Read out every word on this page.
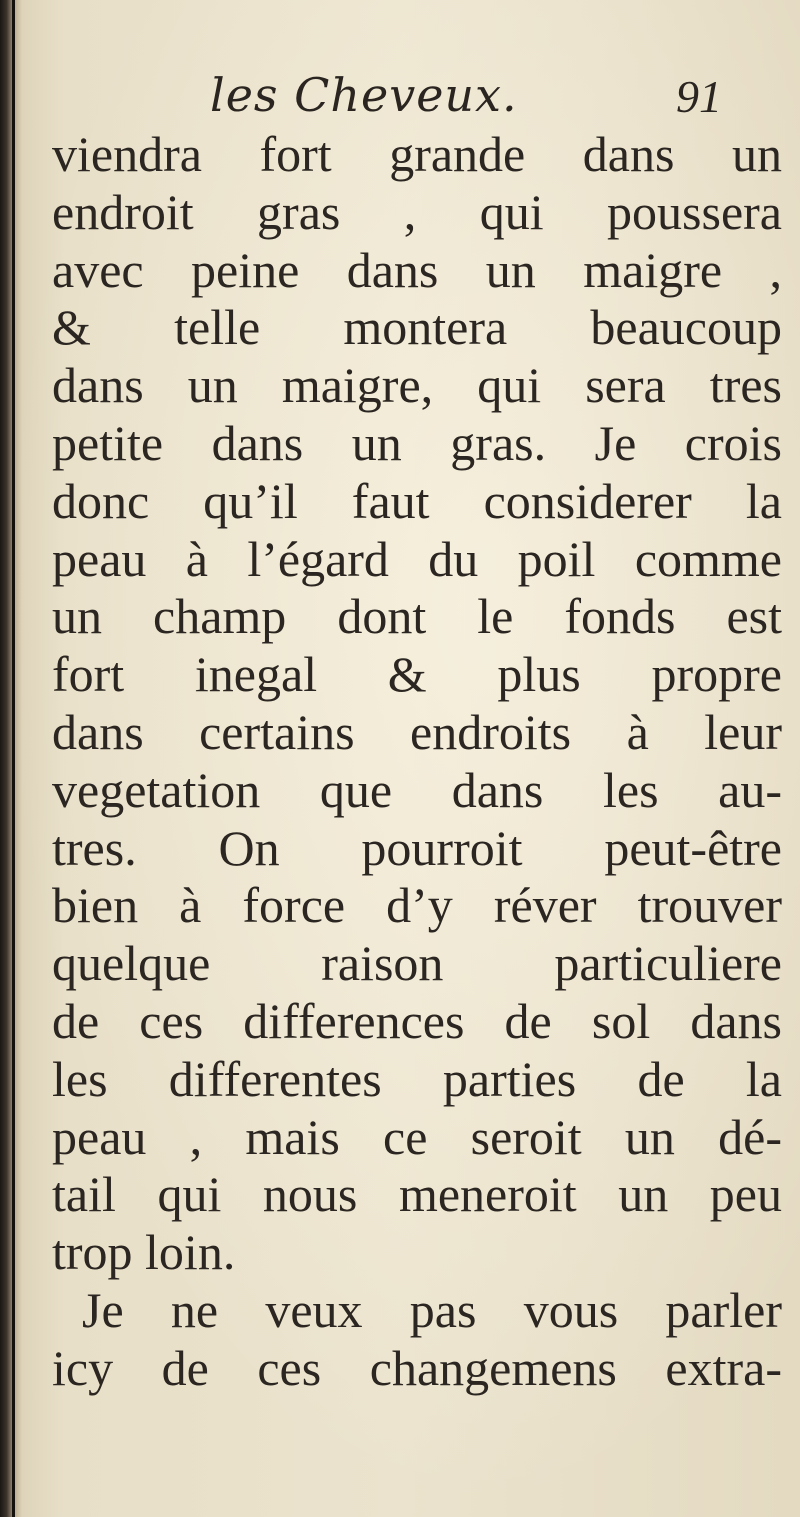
les Cheveux.	91
viendra fort grande dans un
endroit gras , qui poussera
avec peine dans un maigre ,
& telle montera beaucoup
dans un maigre, qui sera tres
petite dans un gras. Je crois
donc qu’il faut considerer la
peau à l’égard du poil comme
un champ dont le fonds est
fort inegal & plus propre
dans certains endroits à leur
vegetation que dans les au-
tres. On pourroit peut-être
bien à force d’y réver trouver
quelque raison particuliere
de ces differences de sol dans
les differentes parties de la
peau , mais ce seroit un dé-
tail qui nous meneroit un peu
trop loin.
Je ne veux pas vous parler
icy de ces changemens extra-
